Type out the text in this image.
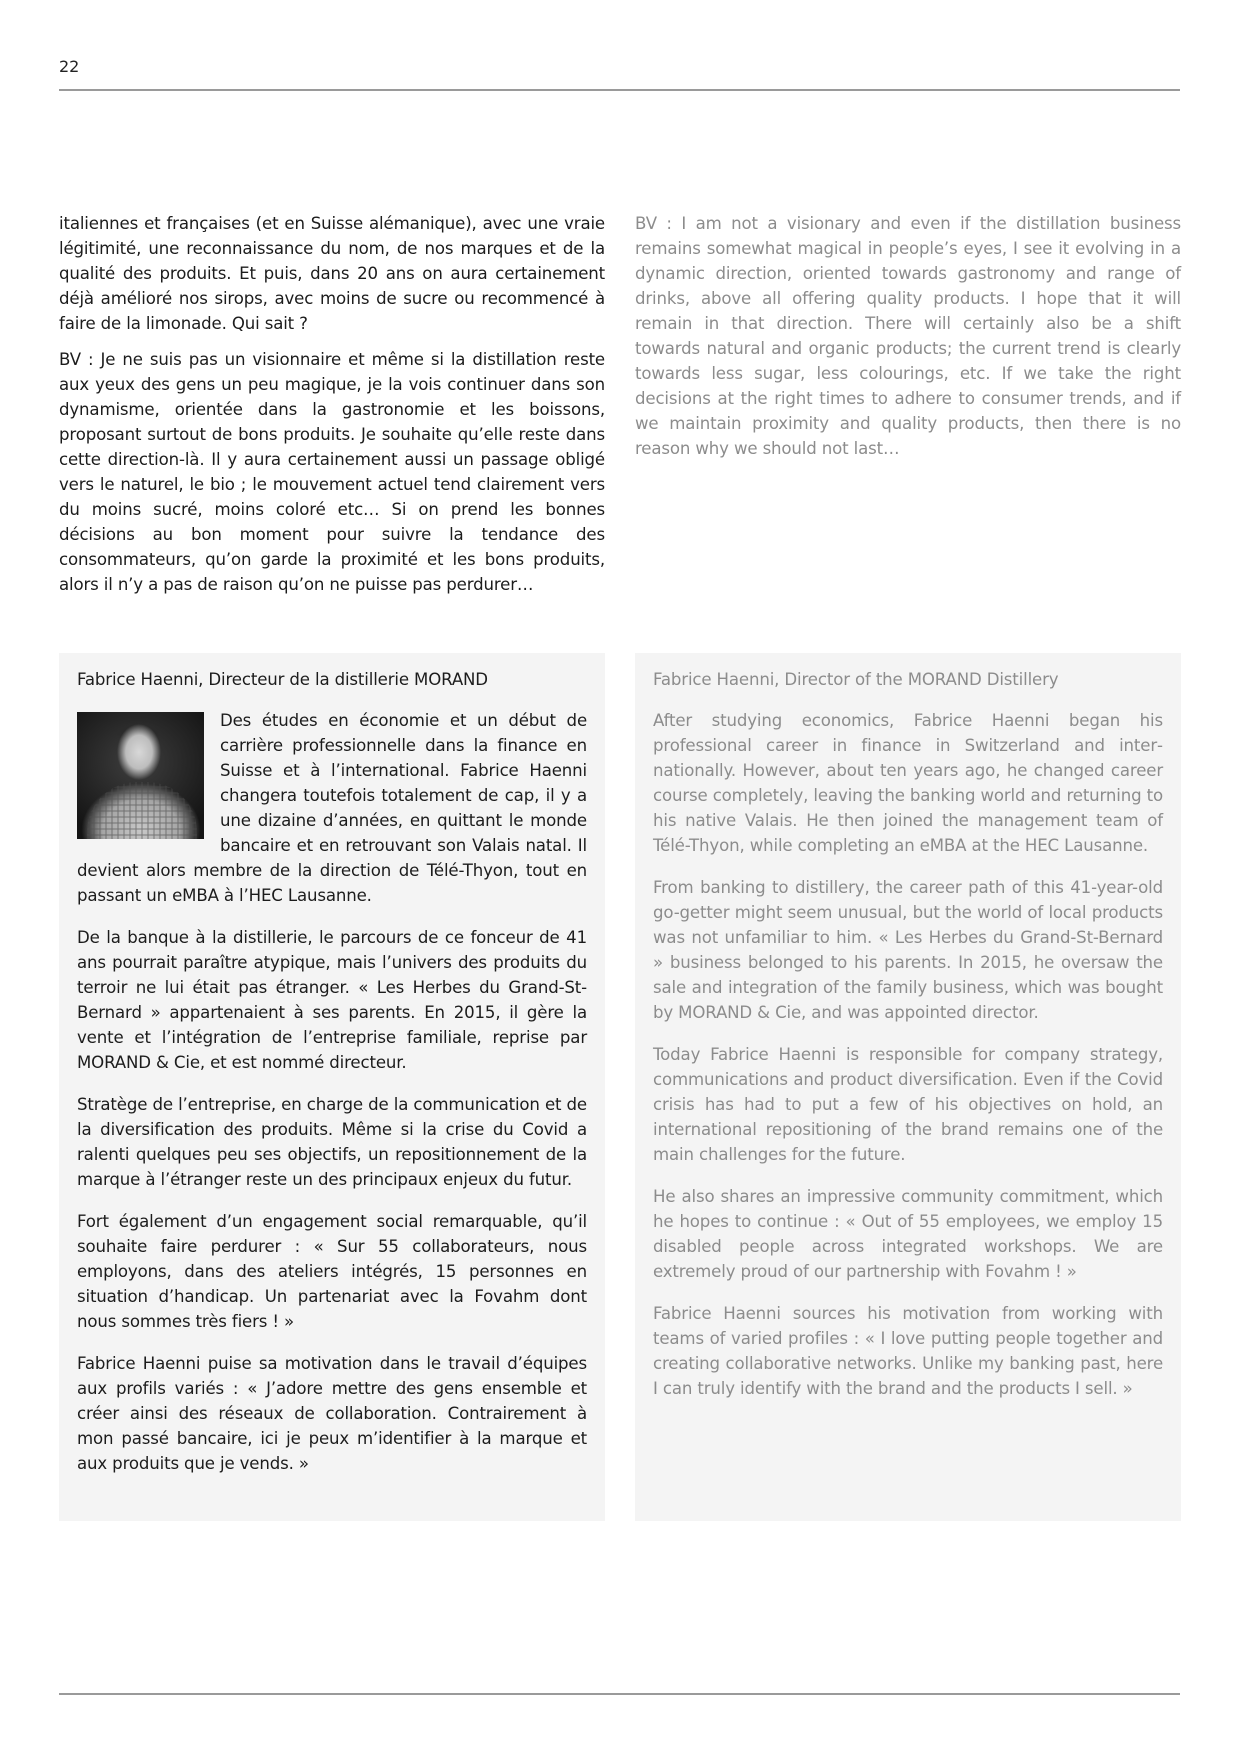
22

italiennes et françaises (et en Suisse alémanique), avec une vraie légitimité, une reconnaissance du nom, de nos marques et de la qualité des produits. Et puis, dans 20 ans on aura certainement déjà amélioré nos sirops, avec moins de sucre ou recommencé à faire de la limonade. Qui sait ?

BV : Je ne suis pas un visionnaire et même si la distillation reste aux yeux des gens un peu magique, je la vois continuer dans son dynamisme, orientée dans la gastronomie et les boissons, proposant surtout de bons produits. Je souhaite qu’elle reste dans cette direction-là. Il y aura certainement aussi un passage obligé vers le naturel, le bio ; le mouvement actuel tend clairement vers du moins sucré, moins coloré etc… Si on prend les bonnes décisions au bon moment pour suivre la tendance des consommateurs, qu’on garde la proximité et les bons produits, alors il n’y a pas de raison qu’on ne puisse pas perdurer…

BV : I am not a visionary and even if the distillation business remains somewhat magical in people’s eyes, I see it evolving in a dynamic direction, oriented towards gastronomy and range of drinks, above all offering quality products. I hope that it will remain in that direction. There will certainly also be a shift towards natural and organic products; the current trend is clearly towards less sugar, less colourings, etc. If we take the right decisions at the right times to adhere to consumer trends, and if we maintain proximity and quality products, then there is no reason why we should not last…

Fabrice Haenni, Directeur de la distillerie MORAND

Des études en économie et un début de carrière professionnelle dans la finance en Suisse et à l’international. Fabrice Haenni changera toutefois totalement de cap, il y a une dizaine d’années, en quittant le monde bancaire et en retrouvant son Valais natal. Il devient alors membre de la direction de Télé-Thyon, tout en passant un eMBA à l’HEC Lausanne.

De la banque à la distillerie, le parcours de ce fonceur de 41 ans pourrait paraître atypique, mais l’univers des produits du terroir ne lui était pas étranger. « Les Herbes du Grand-St-Bernard » appartenaient à ses parents. En 2015, il gère la vente et l’intégration de l’entreprise familiale, reprise par MORAND & Cie, et est nommé directeur.

Stratège de l’entreprise, en charge de la communication et de la diversification des produits. Même si la crise du Covid a ralenti quelques peu ses objectifs, un repositionnement de la marque à l’étranger reste un des principaux enjeux du futur.

Fort également d’un engagement social remarquable, qu’il souhaite faire perdurer : « Sur 55 collaborateurs, nous employons, dans des ateliers intégrés, 15 personnes en situation d’handicap. Un partenariat avec la Fovahm dont nous sommes très fiers ! »

Fabrice Haenni puise sa motivation dans le travail d’équipes aux profils variés : « J’adore mettre des gens ensemble et créer ainsi des réseaux de collaboration. Contrairement à mon passé bancaire, ici je peux m’identifier à la marque et aux produits que je vends. »

Fabrice Haenni, Director of the MORAND Distillery

After studying economics, Fabrice Haenni began his professional career in finance in Switzerland and internationally. However, about ten years ago, he changed career course completely, leaving the banking world and returning to his native Valais. He then joined the management team of Télé-Thyon, while completing an eMBA at the HEC Lausanne.

From banking to distillery, the career path of this 41-year-old go-getter might seem unusual, but the world of local products was not unfamiliar to him. « Les Herbes du Grand-St-Bernard » business belonged to his parents. In 2015, he oversaw the sale and integration of the family business, which was bought by MORAND & Cie, and was appointed director.

Today Fabrice Haenni is responsible for company strategy, communications and product diversification. Even if the Covid crisis has had to put a few of his objectives on hold, an international repositioning of the brand remains one of the main challenges for the future.

He also shares an impressive community commitment, which he hopes to continue : « Out of 55 employees, we employ 15 disabled people across integrated workshops. We are extremely proud of our partnership with Fovahm ! »

Fabrice Haenni sources his motivation from working with teams of varied profiles : « I love putting people together and creating collaborative networks. Unlike my banking past, here I can truly identify with the brand and the products I sell. »
